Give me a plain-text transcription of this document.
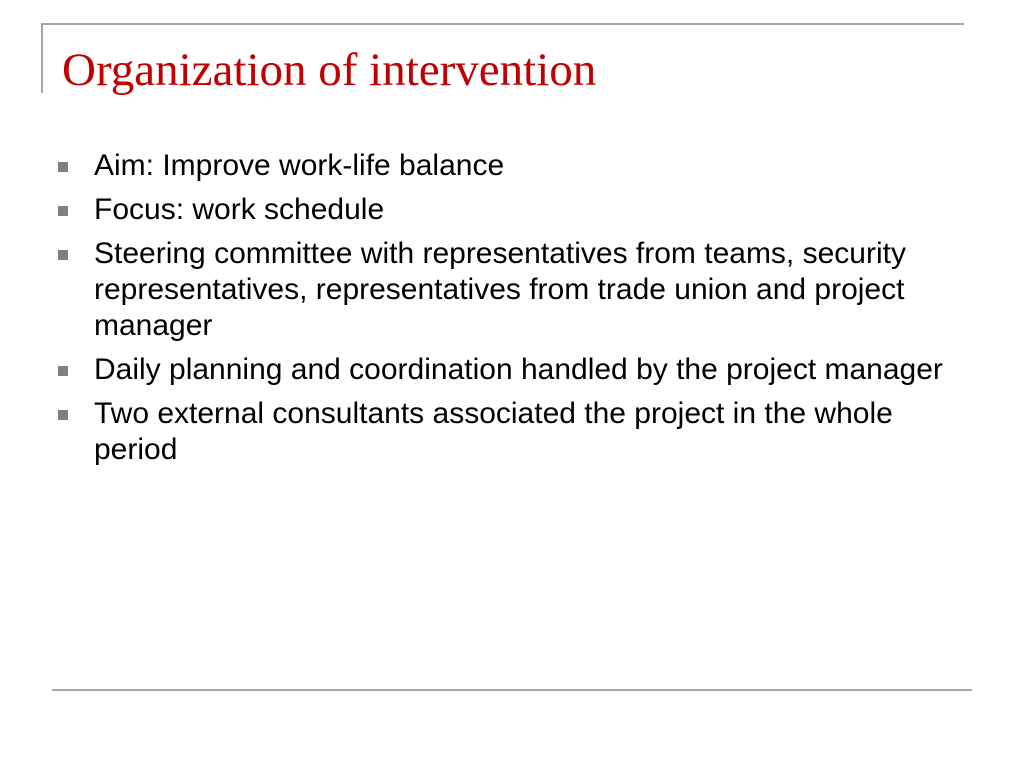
Organization of intervention
Aim: Improve work-life balance
Focus: work schedule
Steering committee with representatives from teams, security representatives, representatives from trade union and project manager
Daily planning and coordination handled by the project manager
Two external consultants associated the project in the whole period
